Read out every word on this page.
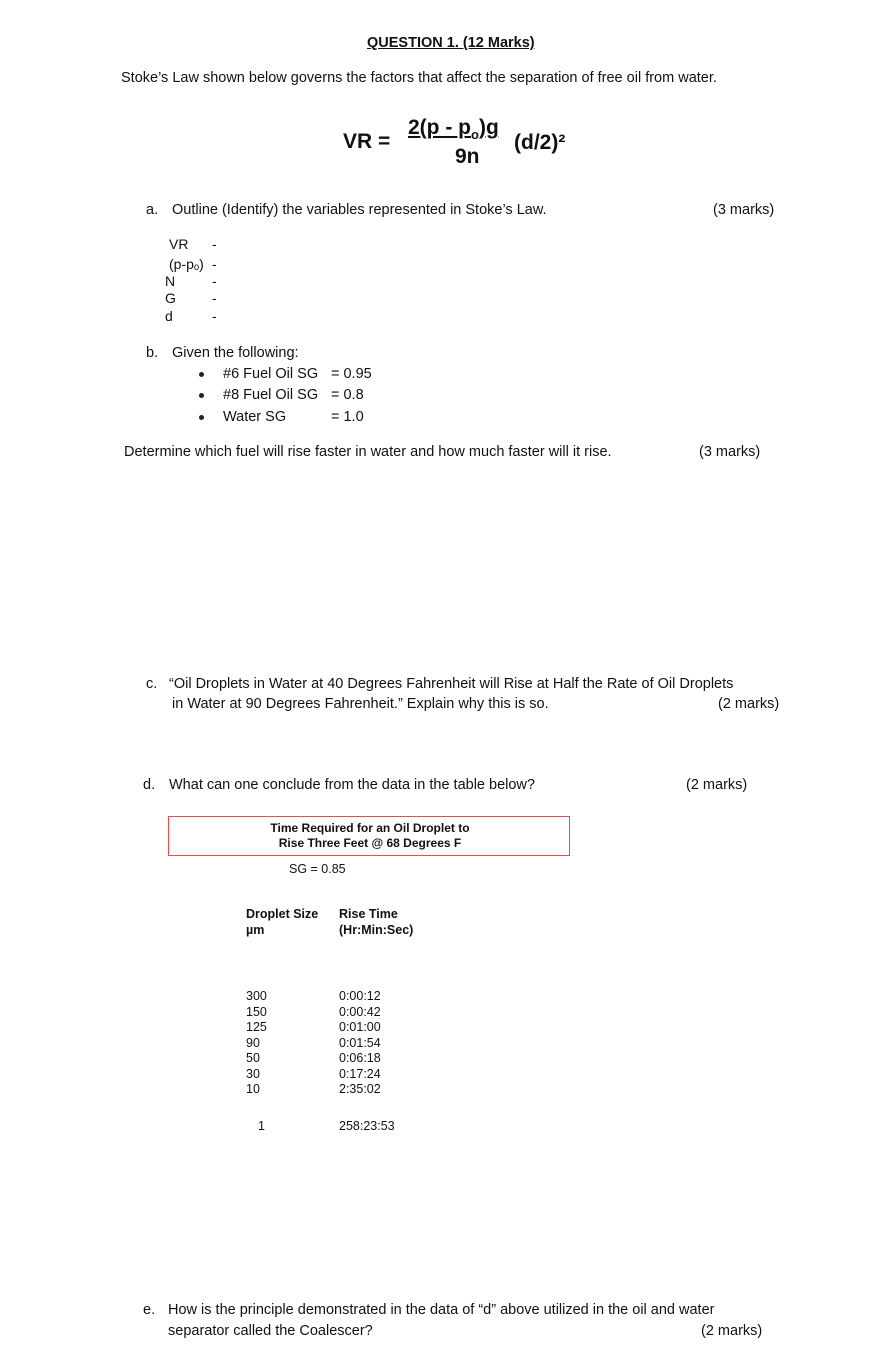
QUESTION 1. (12 Marks)
Stoke’s Law shown below governs the factors that affect the separation of free oil from water.
VR =
$2(p - p_o)g$
9n
(d/2)²
a. Outline (Identify) the variables represented in Stoke’s Law.	(3 marks)
VR -
(p-pₒ) -
N	-
G	-
d	-
b. Given the following:
#6 Fuel Oil SG = 0.95
#8 Fuel Oil SG = 0.8
Water SG	= 1.0
Determine which fuel will rise faster in water and how much faster will it rise.	(3 marks)
c. “Oil Droplets in Water at 40 Degrees Fahrenheit will Rise at Half the Rate of Oil Droplets
in Water at 90 Degrees Fahrenheit.” Explain why this is so.	(2 marks)
d. What can one conclude from the data in the table below?	(2 marks)
Time Required for an Oil Droplet to
Rise Three Feet @ 68 Degrees F
SG = 0.85
Droplet Size
µm
Rise Time
(Hr:Min:Sec)
300	0:00:12
150	0:00:42
125	0:01:00
90	0:01:54
50	0:06:18
30	0:17:24
10	2:35:02
1	258:23:53
e. How is the principle demonstrated in the data of “d” above utilized in the oil and water
separator called the Coalescer?	(2 marks)
